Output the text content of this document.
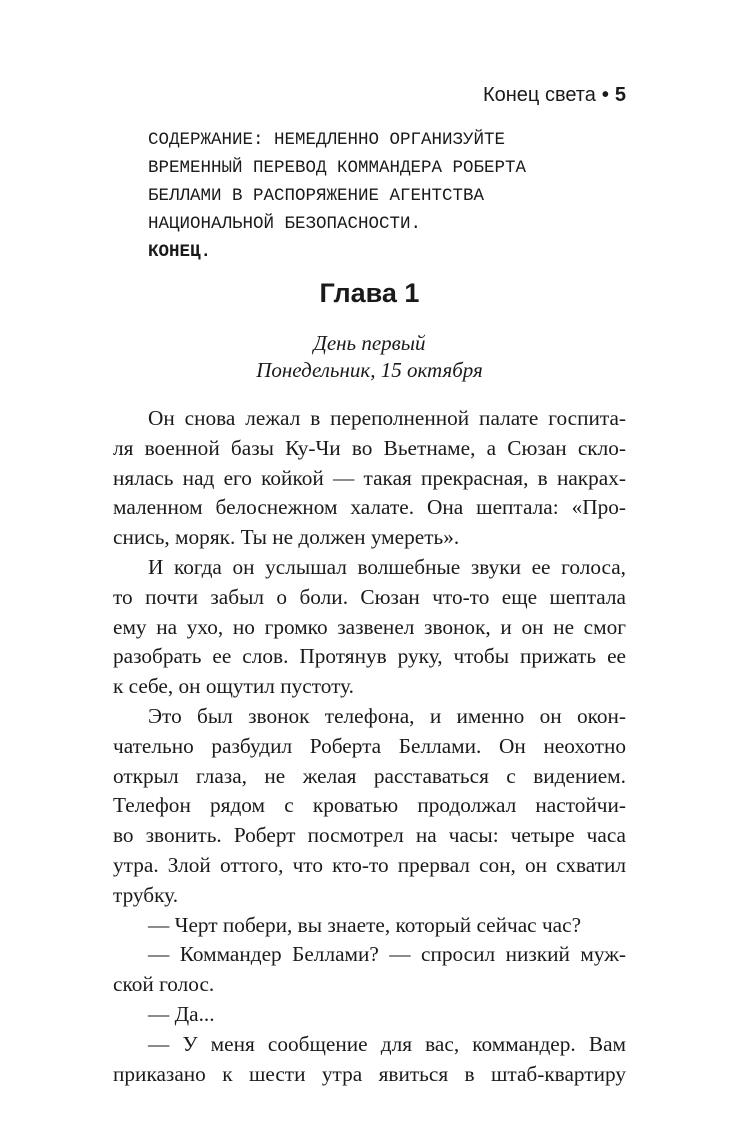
Конец света • 5
СОДЕРЖАНИЕ: НЕМЕДЛЕННО ОРГАНИЗУЙТЕ
ВРЕМЕННЫЙ ПЕРЕВОД КОММАНДЕРА РОБЕРТА
БЕЛЛАМИ В РАСПОРЯЖЕНИЕ АГЕНТСТВА
НАЦИОНАЛЬНОЙ БЕЗОПАСНОСТИ.
КОНЕЦ.
Глава 1
День первый
Понедельник, 15 октября
Он снова лежал в переполненной палате госпита-
ля военной базы Ку-Чи во Вьетнаме, а Сюзан скло-
нялась над его койкой — такая прекрасная, в накрах-
маленном белоснежном халате. Она шептала: «Про-
снись, моряк. Ты не должен умереть».
И когда он услышал волшебные звуки ее голоса,
то почти забыл о боли. Сюзан что-то еще шептала
ему на ухо, но громко зазвенел звонок, и он не смог
разобрать ее слов. Протянув руку, чтобы прижать ее
к себе, он ощутил пустоту.
Это был звонок телефона, и именно он окон-
чательно разбудил Роберта Беллами. Он неохотно
открыл глаза, не желая расставаться с видением.
Телефон рядом с кроватью продолжал настойчи-
во звонить. Роберт посмотрел на часы: четыре часа
утра. Злой оттого, что кто-то прервал сон, он схватил
трубку.
— Черт побери, вы знаете, который сейчас час?
— Коммандер Беллами? — спросил низкий муж-
ской голос.
— Да...
— У меня сообщение для вас, коммандер. Вам
приказано к шести утра явиться в штаб-квартиру
